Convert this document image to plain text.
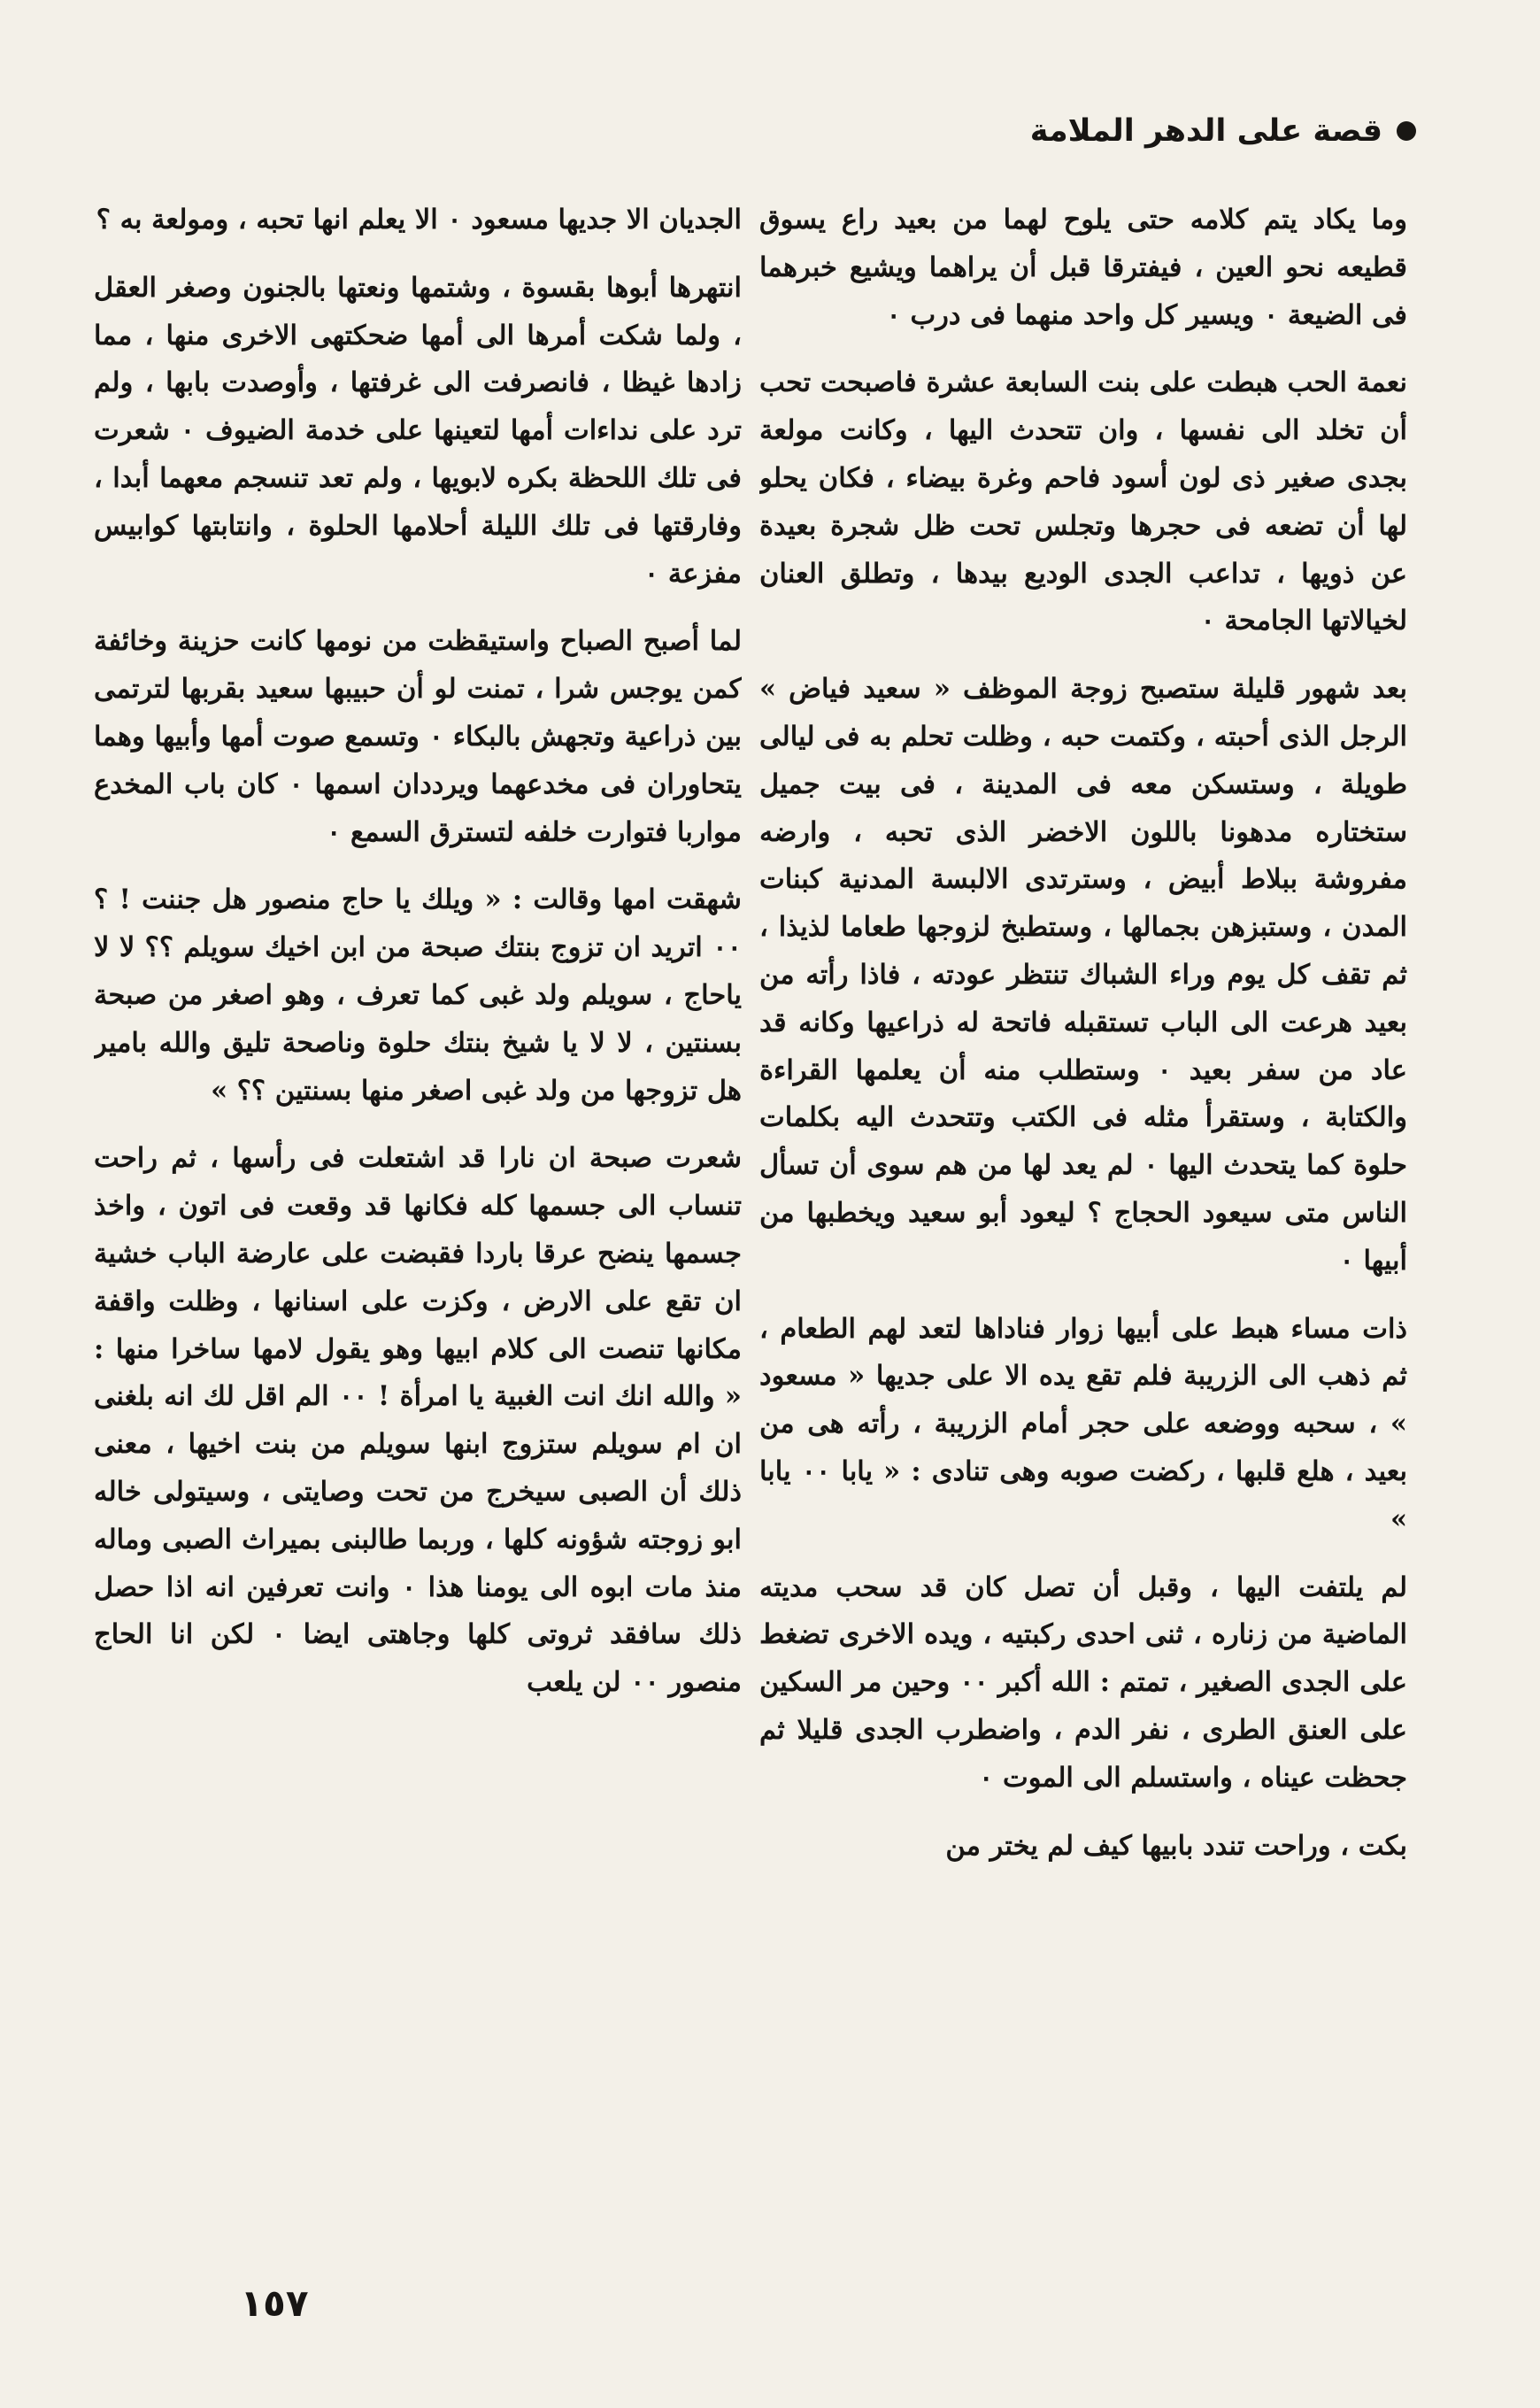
قصة على الدهر الملامة

وما يكاد يتم كلامه حتى يلوح لهما من بعيد راع يسوق قطيعه نحو العين ، فيفترقا قبل أن يراهما ويشيع خبرهما فى الضيعة ٠ ويسير كل واحد منهما فى درب ٠

نعمة الحب هبطت على بنت السابعة عشرة فاصبحت تحب أن تخلد الى نفسها ، وان تتحدث اليها ، وكانت مولعة بجدى صغير ذى لون أسود فاحم وغرة بيضاء ، فكان يحلو لها أن تضعه فى حجرها وتجلس تحت ظل شجرة بعيدة عن ذويها ، تداعب الجدى الوديع بيدها ، وتطلق العنان لخيالاتها الجامحة ٠

بعد شهور قليلة ستصبح زوجة الموظف « سعيد فياض » الرجل الذى أحبته ، وكتمت حبه ، وظلت تحلم به فى ليالى طويلة ، وستسكن معه فى المدينة ، فى بيت جميل ستختاره مدهونا باللون الاخضر الذى تحبه ، وارضه مفروشة ببلاط أبيض ، وسترتدى الالبسة المدنية كبنات المدن ، وستبزهن بجمالها ، وستطبخ لزوجها طعاما لذيذا ، ثم تقف كل يوم وراء الشباك تنتظر عودته ، فاذا رأته من بعيد هرعت الى الباب تستقبله فاتحة له ذراعيها وكانه قد عاد من سفر بعيد ٠ وستطلب منه أن يعلمها القراءة والكتابة ، وستقرأ مثله فى الكتب وتتحدث اليه بكلمات حلوة كما يتحدث اليها ٠ لم يعد لها من هم سوى أن تسأل الناس متى سيعود الحجاج ؟ ليعود أبو سعيد ويخطبها من أبيها ٠

ذات مساء هبط على أبيها زوار فناداها لتعد لهم الطعام ، ثم ذهب الى الزريبة فلم تقع يده الا على جديها « مسعود » ، سحبه ووضعه على حجر أمام الزريبة ، رأته هى من بعيد ، هلع قلبها ، ركضت صوبه وهى تنادى : « يابا ٠٠ يابا »

لم يلتفت اليها ، وقبل أن تصل كان قد سحب مديته الماضية من زناره ، ثنى احدى ركبتيه ، ويده الاخرى تضغط على الجدى الصغير ، تمتم : الله أكبر ٠٠ وحين مر السكين على العنق الطرى ، نفر الدم ، واضطرب الجدى قليلا ثم جحظت عيناه ، واستسلم الى الموت ٠

بكت ، وراحت تندد بابيها كيف لم يختر من

الجديان الا جديها مسعود ٠ الا يعلم انها تحبه ، ومولعة به ؟

انتهرها أبوها بقسوة ، وشتمها ونعتها بالجنون وصغر العقل ، ولما شكت أمرها الى أمها ضحكتهى الاخرى منها ، مما زادها غيظا ، فانصرفت الى غرفتها ، وأوصدت بابها ، ولم ترد على نداءات أمها لتعينها على خدمة الضيوف ٠ شعرت فى تلك اللحظة بكره لابويها ، ولم تعد تنسجم معهما أبدا ، وفارقتها فى تلك الليلة أحلامها الحلوة ، وانتابتها كوابيس مفزعة ٠

لما أصبح الصباح واستيقظت من نومها كانت حزينة وخائفة كمن يوجس شرا ، تمنت لو أن حبيبها سعيد بقربها لترتمى بين ذراعية وتجهش بالبكاء ٠ وتسمع صوت أمها وأبيها وهما يتحاوران فى مخدعهما ويرددان اسمها ٠ كان باب المخدع مواربا فتوارت خلفه لتسترق السمع ٠

شهقت امها وقالت : « ويلك يا حاج منصور هل جننت ! ؟ ٠٠ اتريد ان تزوج بنتك صبحة من ابن اخيك سويلم ؟؟ لا لا ياحاج ، سويلم ولد غبى كما تعرف ، وهو اصغر من صبحة بسنتين ، لا لا يا شيخ بنتك حلوة وناصحة تليق والله بامير هل تزوجها من ولد غبى اصغر منها بسنتين ؟؟ »

شعرت صبحة ان نارا قد اشتعلت فى رأسها ، ثم راحت تنساب الى جسمها كله فكانها قد وقعت فى اتون ، واخذ جسمها ينضح عرقا باردا فقبضت على عارضة الباب خشية ان تقع على الارض ، وكزت على اسنانها ، وظلت واقفة مكانها تنصت الى كلام ابيها وهو يقول لامها ساخرا منها : « والله انك انت الغبية يا امرأة ! ٠٠ الم اقل لك انه بلغنى ان ام سويلم ستزوج ابنها سويلم من بنت اخيها ، معنى ذلك أن الصبى سيخرج من تحت وصايتى ، وسيتولى خاله ابو زوجته شؤونه كلها ، وربما طالبنى بميراث الصبى وماله منذ مات ابوه الى يومنا هذا ٠ وانت تعرفين انه اذا حصل ذلك سافقد ثروتى كلها وجاهتى ايضا ٠ لكن انا الحاج منصور ٠٠ لن يلعب

١٥٧
